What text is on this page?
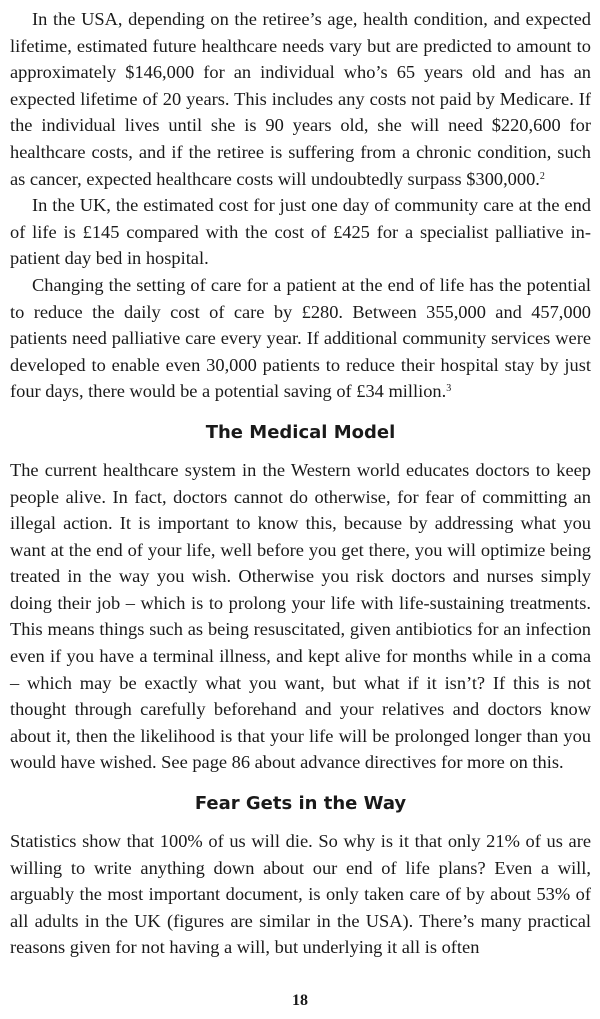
In the USA, depending on the retiree’s age, health condition, and expected lifetime, estimated future healthcare needs vary but are predicted to amount to approximately $146,000 for an individual who’s 65 years old and has an expected lifetime of 20 years. This includes any costs not paid by Medicare. If the individual lives until she is 90 years old, she will need $220,600 for healthcare costs, and if the retiree is suffering from a chronic condition, such as cancer, expected healthcare costs will undoubtedly surpass $300,000.$^2$

In the UK, the estimated cost for just one day of community care at the end of life is £145 compared with the cost of £425 for a specialist palliative in-patient day bed in hospital.

Changing the setting of care for a patient at the end of life has the potential to reduce the daily cost of care by £280. Between 355,000 and 457,000 patients need palliative care every year. If additional community services were developed to enable even 30,000 patients to reduce their hospital stay by just four days, there would be a potential saving of £34 million.$^3$

The Medical Model

The current healthcare system in the Western world educates doctors to keep people alive. In fact, doctors cannot do otherwise, for fear of committing an illegal action. It is important to know this, because by addressing what you want at the end of your life, well before you get there, you will optimize being treated in the way you wish. Otherwise you risk doctors and nurses simply doing their job – which is to prolong your life with life-sustaining treatments. This means things such as being resuscitated, given antibiotics for an infection even if you have a terminal illness, and kept alive for months while in a coma – which may be exactly what you want, but what if it isn’t? If this is not thought through carefully beforehand and your relatives and doctors know about it, then the likelihood is that your life will be prolonged longer than you would have wished. See page 86 about advance directives for more on this.

Fear Gets in the Way

Statistics show that 100% of us will die. So why is it that only 21% of us are willing to write anything down about our end of life plans? Even a will, arguably the most important document, is only taken care of by about 53% of all adults in the UK (figures are similar in the USA). There’s many practical reasons given for not having a will, but underlying it all is often

18
